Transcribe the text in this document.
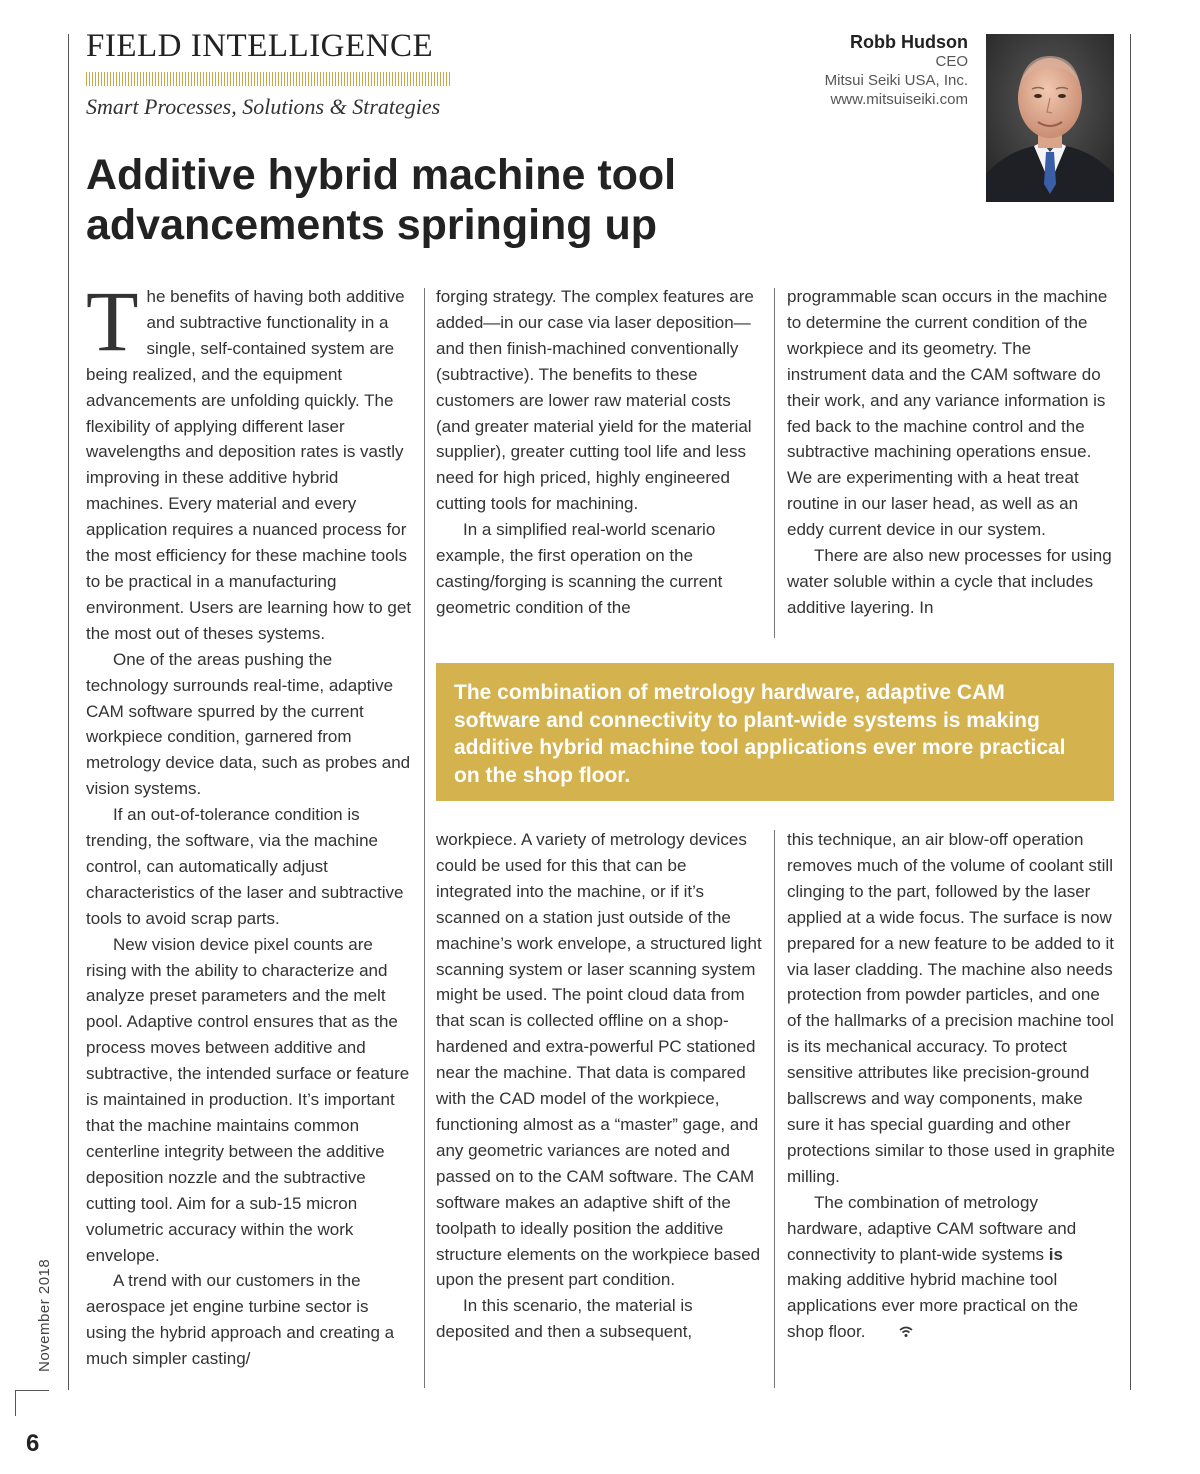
FIELD INTELLIGENCE
Smart Processes, Solutions & Strategies
Robb Hudson
CEO
Mitsui Seiki USA, Inc.
www.mitsuiseiki.com
Additive hybrid machine tool
advancements springing up

The benefits of having both additive and subtractive functionality in a single, self-contained system are being realized, and the equipment advancements are unfolding quickly. The flexibility of applying different laser wavelengths and deposition rates is vastly improving in these additive hybrid machines. Every material and every application requires a nuanced process for the most efficiency for these machine tools to be practical in a manufacturing environment. Users are learning how to get the most out of theses systems.

One of the areas pushing the technology surrounds real-time, adaptive CAM software spurred by the current workpiece condition, garnered from metrology device data, such as probes and vision systems.

If an out-of-tolerance condition is trending, the software, via the machine control, can automatically adjust characteristics of the laser and subtractive tools to avoid scrap parts.

New vision device pixel counts are rising with the ability to characterize and analyze preset parameters and the melt pool. Adaptive control ensures that as the process moves between additive and subtractive, the intended surface or feature is maintained in production. It’s important that the machine maintains common centerline integrity between the additive deposition nozzle and the subtractive cutting tool. Aim for a sub-15 micron volumetric accuracy within the work envelope.

A trend with our customers in the aerospace jet engine turbine sector is using the hybrid approach and creating a much simpler casting/

forging strategy. The complex features are added—in our case via laser deposition—and then finish-machined conventionally (subtractive). The benefits to these customers are lower raw material costs (and greater material yield for the material supplier), greater cutting tool life and less need for high priced, highly engineered cutting tools for machining.

In a simplified real-world scenario example, the first operation on the casting/forging is scanning the current geometric condition of the

programmable scan occurs in the machine to determine the current condition of the workpiece and its geometry. The instrument data and the CAM software do their work, and any variance information is fed back to the machine control and the subtractive machining operations ensue. We are experimenting with a heat treat routine in our laser head, as well as an eddy current device in our system.

There are also new processes for using water soluble within a cycle that includes additive layering. In

The combination of metrology hardware, adaptive CAM software and connectivity to plant-wide systems is making additive hybrid machine tool applications ever more practical on the shop floor.

workpiece. A variety of metrology devices could be used for this that can be integrated into the machine, or if it’s scanned on a station just outside of the machine’s work envelope, a structured light scanning system or laser scanning system might be used. The point cloud data from that scan is collected offline on a shop-hardened and extra-powerful PC stationed near the machine. That data is compared with the CAD model of the workpiece, functioning almost as a “master” gage, and any geometric variances are noted and passed on to the CAM software. The CAM software makes an adaptive shift of the toolpath to ideally position the additive structure elements on the workpiece based upon the present part condition.

In this scenario, the material is deposited and then a subsequent,

this technique, an air blow-off operation removes much of the volume of coolant still clinging to the part, followed by the laser applied at a wide focus. The surface is now prepared for a new feature to be added to it via laser cladding. The machine also needs protection from powder particles, and one of the hallmarks of a precision machine tool is its mechanical accuracy. To protect sensitive attributes like precision-ground ballscrews and way components, make sure it has special guarding and other protections similar to those used in graphite milling.

The combination of metrology hardware, adaptive CAM software and connectivity to plant-wide systems is making additive hybrid machine tool applications ever more practical on the shop floor.

November 2018
6
